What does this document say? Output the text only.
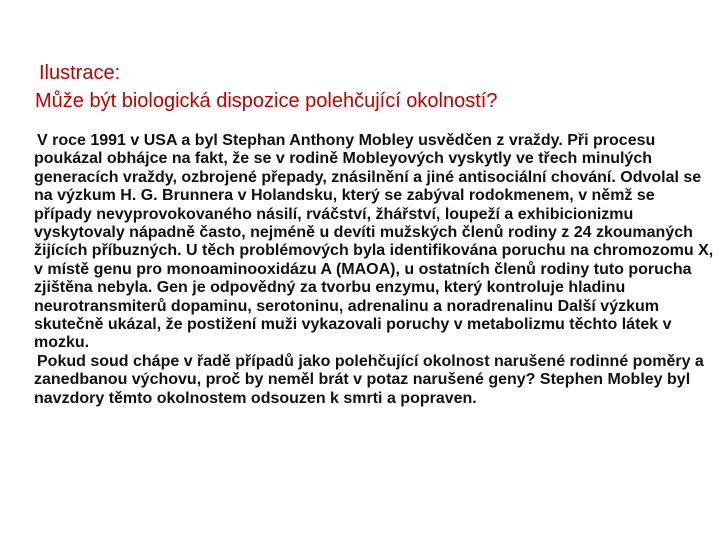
Ilustrace:
Může být biologická dispozice polehčující okolností?

V roce 1991 v USA a byl Stephan Anthony Mobley usvědčen z vraždy. Při procesu poukázal obhájce na fakt, že se v rodině Mobleyových vyskytly ve třech minulých generacích vraždy, ozbrojené přepady, znásilnění a jiné antisociální chování. Odvolal se na výzkum H. G. Brunnera v Holandsku, který se zabýval rodokmenem, v němž se případy nevyprovokovaného násilí, rváčství, žhářství, loupeží a exhibicionizmu vyskytovaly nápadně často, nejméně u devíti mužských členů rodiny z 24 zkoumaných žijících příbuzných. U těch problémových byla identifikována poruchu na chromozomu X, v místě genu pro monoaminooxidázu A (MAOA), u ostatních členů rodiny tuto porucha zjištěna nebyla. Gen je odpovědný za tvorbu enzymu, který kontroluje hladinu neurotransmiterů dopaminu, serotoninu, adrenalinu a noradrenalinu Další výzkum skutečně ukázal, že postižení muži vykazovali poruchy v metabolizmu těchto látek v mozku.

Pokud soud chápe v řadě případů jako polehčující okolnost narušené rodinné poměry a zanedbanou výchovu, proč by neměl brát v potaz narušené geny? Stephen Mobley byl navzdory těmto okolnostem odsouzen k smrti a popraven.
